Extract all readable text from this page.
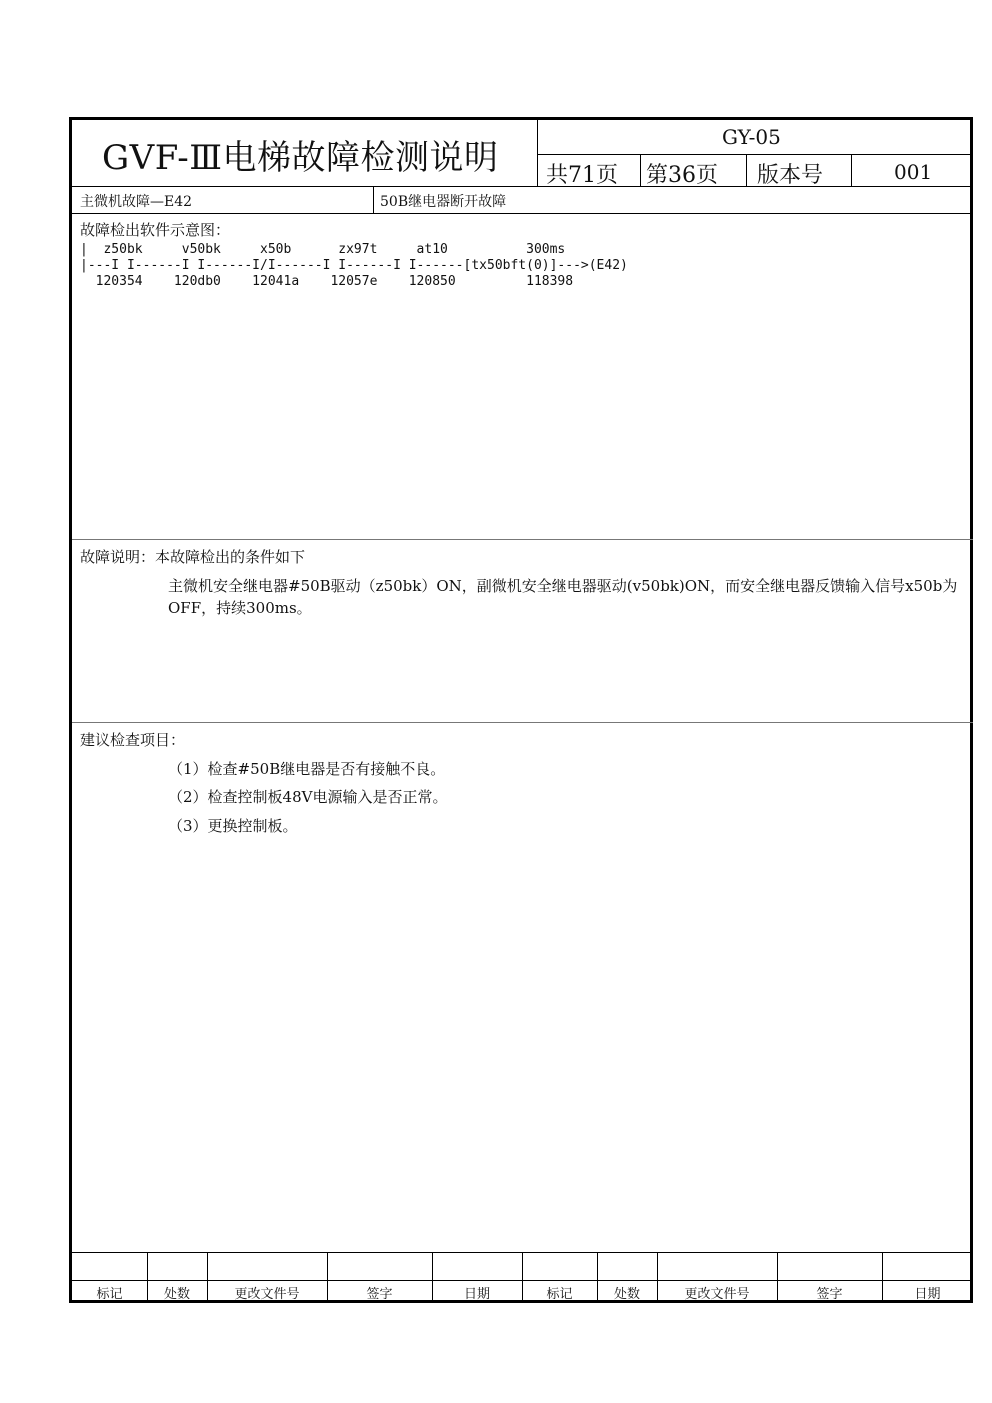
GVF-Ⅲ电梯故障检测说明
GY-05
共71页 第36页 版本号	001
主微机故障—E42	50B继电器断开故障
故障检出软件示意图：
|  z50bk     v50bk     x50b      zx97t     at10          300ms
|---I I------I I------I/I------I I------I I------[tx50bft(0)]--->(E42)
120354    120db0    12041a    12057e    120850         118398
故障说明：本故障检出的条件如下
主微机安全继电器#50B驱动（z50bk）ON，副微机安全继电器驱动(v50bk)ON，而安全继电器反馈输入信号x50b为OFF，持续300ms。
建议检查项目：
（1）检查#50B继电器是否有接触不良。
（2）检查控制板48V电源输入是否正常。
（3）更换控制板。
标记	处数	更改文件号	签字	日期	标记	处数	更改文件号	签字	日期
